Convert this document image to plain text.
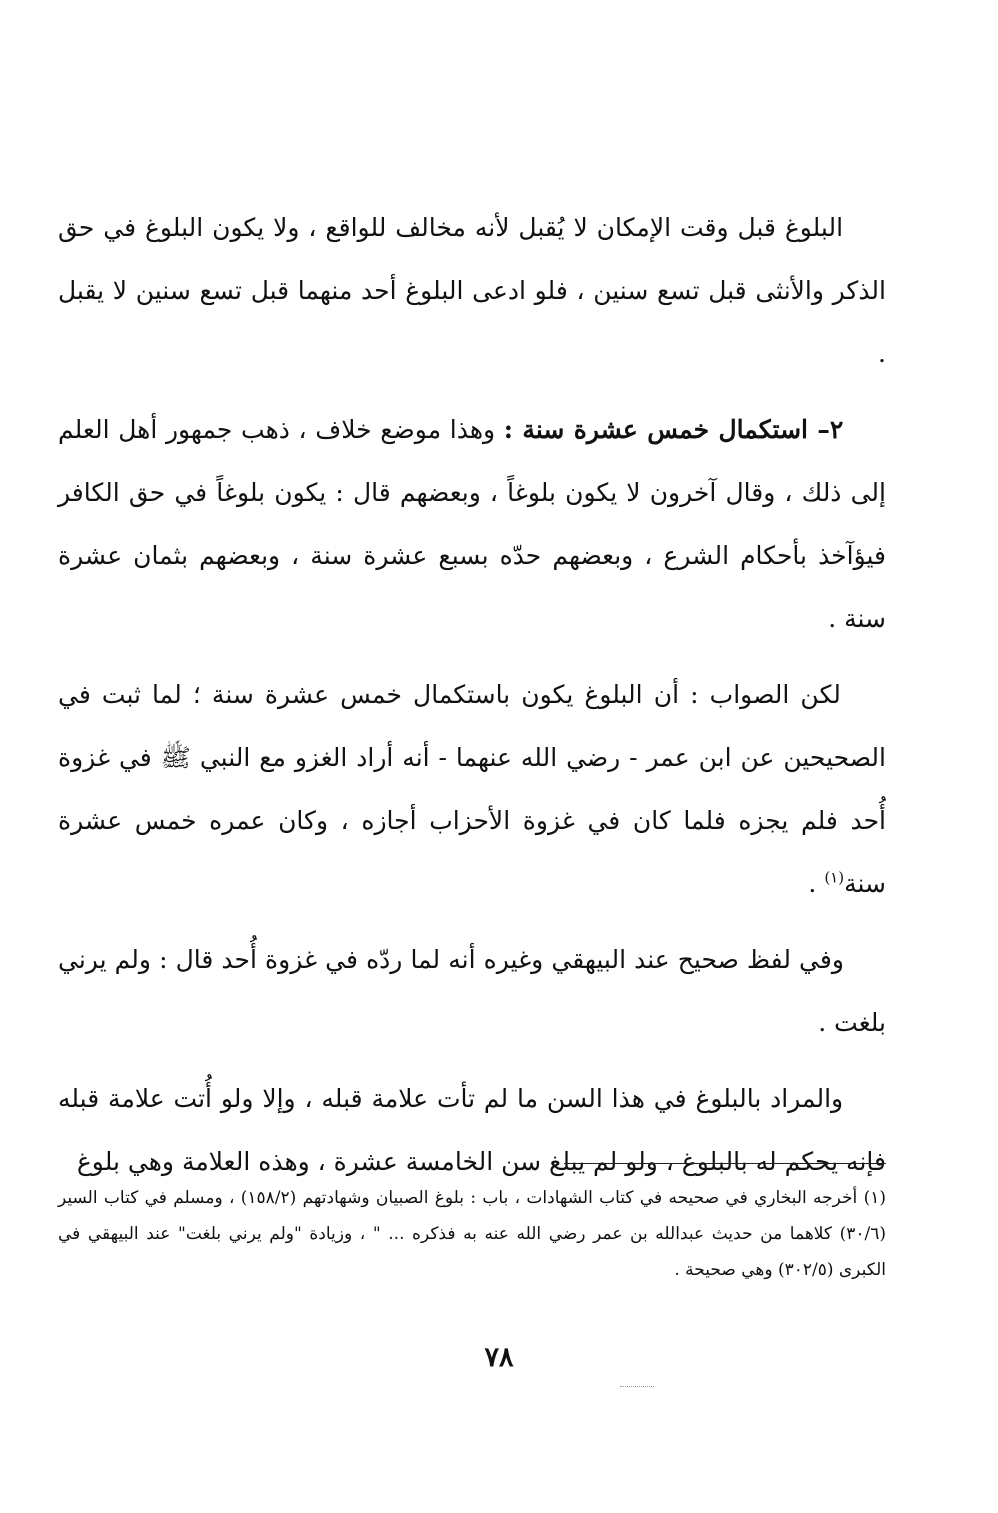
البلوغ قبل وقت الإمكان لا يُقبل لأنه مخالف للواقع ، ولا يكون البلوغ في حق الذكر والأنثى قبل تسع سنين ، فلو ادعى البلوغ أحد منهما قبل تسع سنين لا يقبل .

٢– استكمال خمس عشرة سنة : وهذا موضع خلاف ، ذهب جمهور أهل العلم إلى ذلك ، وقال آخرون لا يكون بلوغاً ، وبعضهم قال : يكون بلوغاً في حق الكافر فيؤآخذ بأحكام الشرع ، وبعضهم حدّه بسبع عشرة سنة ، وبعضهم بثمان عشرة سنة .

لكن الصواب : أن البلوغ يكون باستكمال خمس عشرة سنة ؛ لما ثبت في الصحيحين عن ابن عمر - رضي الله عنهما - أنه أراد الغزو مع النبي ﷺ في غزوة أُحد فلم يجزه فلما كان في غزوة الأحزاب أجازه ، وكان عمره خمس عشرة سنة$^{(١)}$ .

وفي لفظ صحيح عند البيهقي وغيره أنه لما ردّه في غزوة أُحد قال : ولم يرني بلغت .

والمراد بالبلوغ في هذا السن ما لم تأت علامة قبله ، وإلا ولو أُتت علامة قبله فإنه يحكم له بالبلوغ ، ولو لم يبلغ سن الخامسة عشرة ، وهذه العلامة وهي بلوغ

(١) أخرجه البخاري في صحيحه في كتاب الشهادات ، باب : بلوغ الصبيان وشهادتهم (١٥٨/٢) ، ومسلم في كتاب السير (٣٠/٦) كلاهما من حديث عبدالله بن عمر رضي الله عنه به فذكره ... " ، وزيادة "ولم يرني بلغت" عند البيهقي في الكبرى (٣٠٢/٥) وهي صحيحة .
٧٨
